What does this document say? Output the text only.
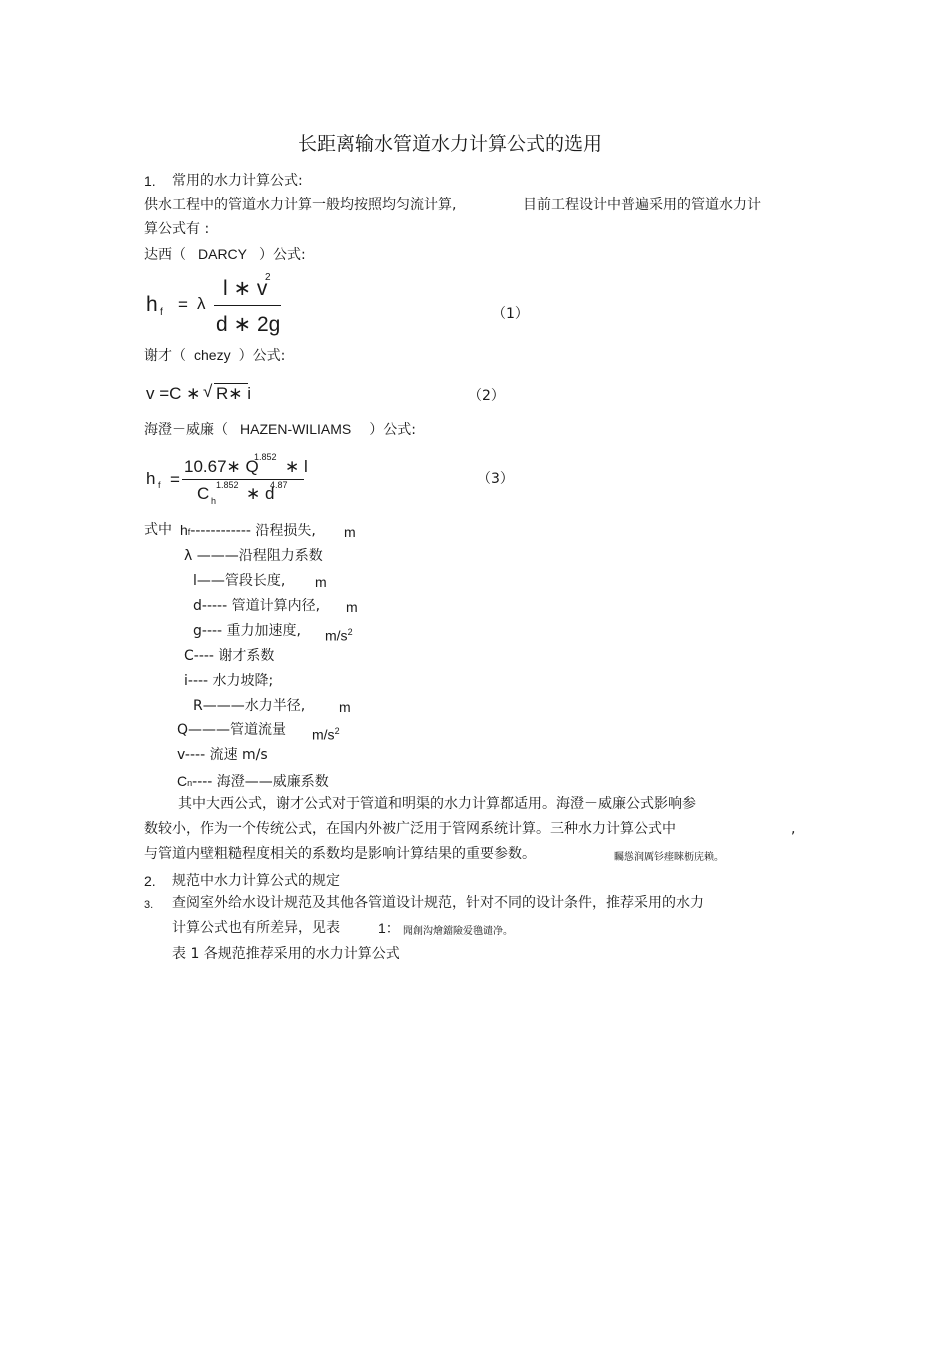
长距离输水管道水力计算公式的选用
1. 常用的水力计算公式:
供水工程中的管道水力计算一般均按照均匀流计算,	目前工程设计中普遍采用的管道水力计
算公式有 :
达西（ DARCY ）公式:
h f = λ
l ∗ v
2
d ∗ 2g	（1）
谢才（ chezy ）公式:
v =C ∗ √ R∗ i	（2）
海澄－威廉（ HAZEN-WILIAMS ）公式:
h f =
10.67∗ Q
1.852 ∗ l
C h
1.852 ∗ d
4.87	（3）
式中 hf------------ 沿程损失, m
λ ———沿程阻力系数
l——管段长度, m
d----- 管道计算内径, m
g---- 重力加速度, $m/s^2$
C---- 谢才系数
i---- 水力坡降;
R———水力半径, m
Q———管道流量 $m/s^2$
v---- 流速 m/s
Cn---- 海澄——威廉系数
其中大西公式，谢才公式对于管道和明渠的水力计算都适用。海澄－威廉公式影响参
数较小，作为一个传统公式，在国内外被广泛用于管网系统计算。三种水力计算公式中	,
与管道内壁粗糙程度相关的系数均是影响计算结果的重要参数。	矚慫润厲钐瘗睞枥庑赖。
2. 规范中水力计算公式的规定
3. 查阅室外给水设计规范及其他各管道设计规范，针对不同的设计条件，推荐采用的水力
计算公式也有所差异，见表	1： 聞創沟燴鐺險爱氇谴净。
表 1 各规范推荐采用的水力计算公式
